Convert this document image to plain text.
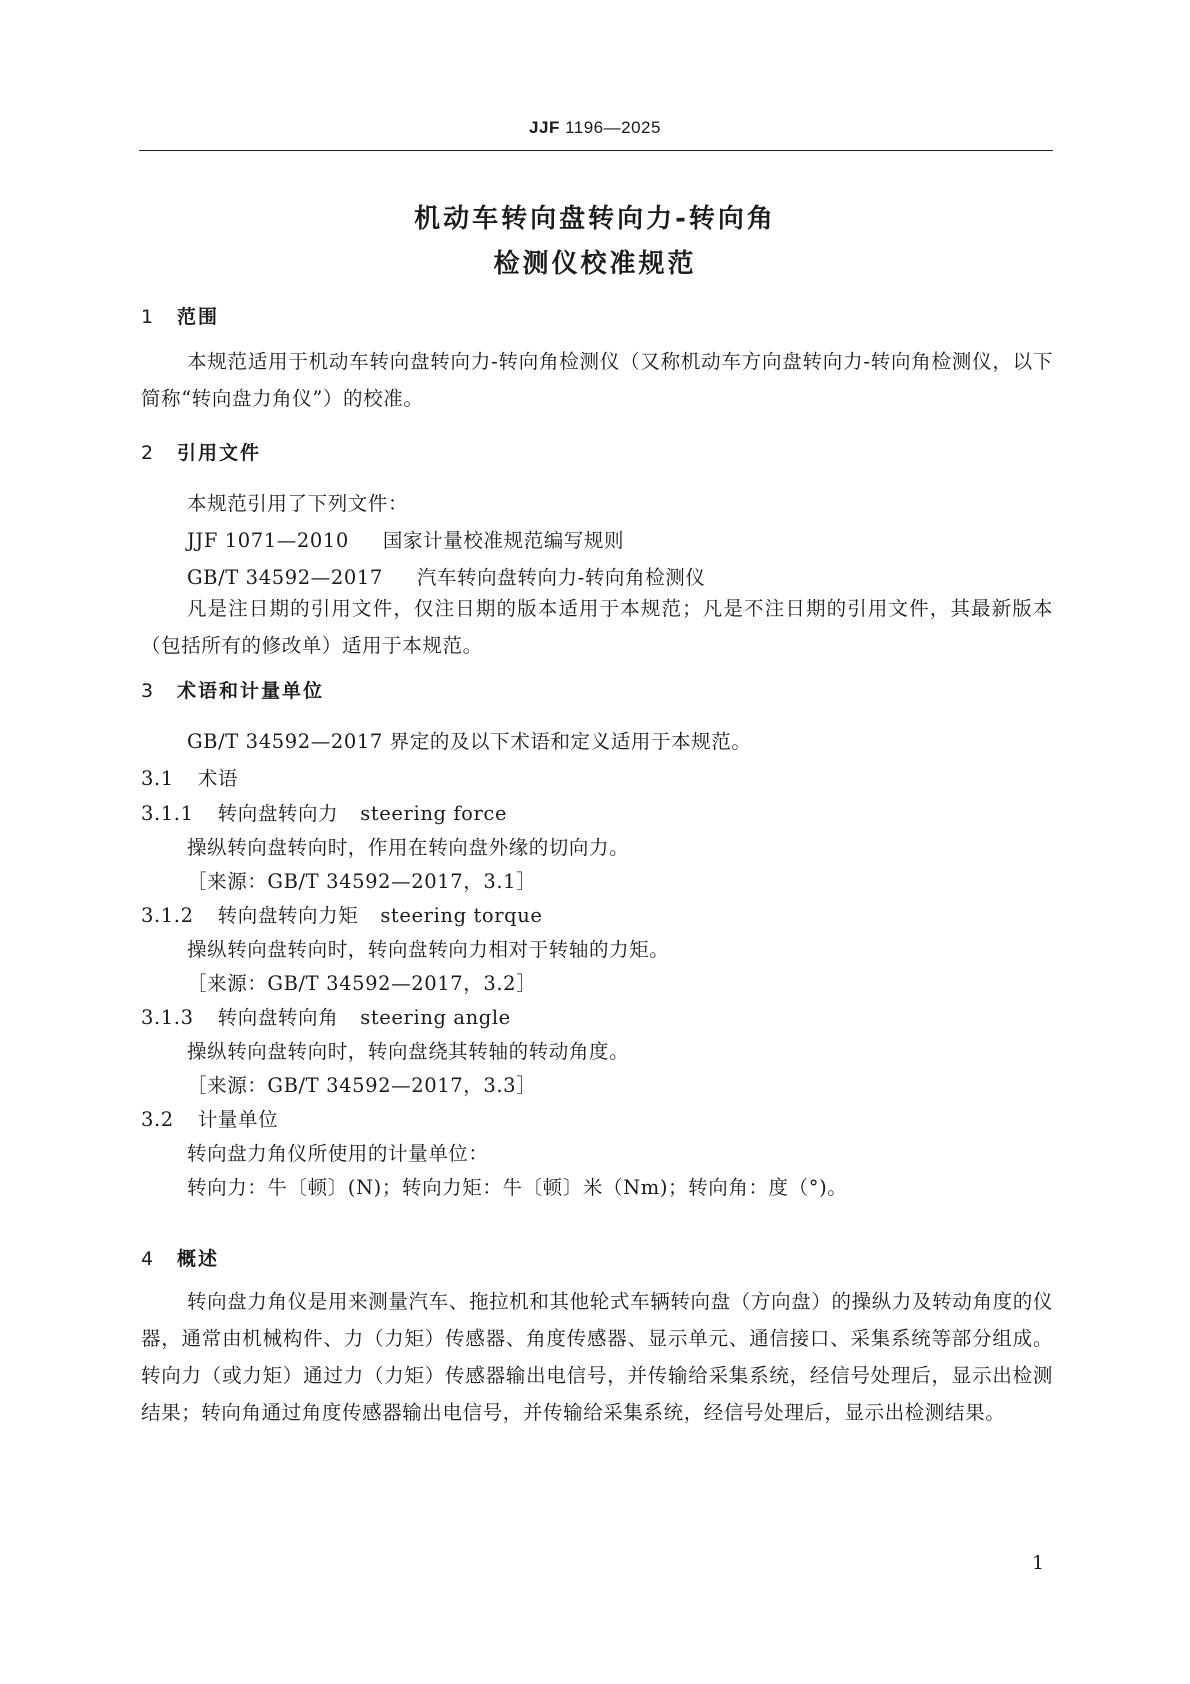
JJF 1196—2025
机动车转向盘转向力-转向角
检测仪校准规范
1 范围
本规范适用于机动车转向盘转向力-转向角检测仪（又称机动车方向盘转向力-转向角检测仪，以下简称“转向盘力角仪”）的校准。
2 引用文件
本规范引用了下列文件：
JJF 1071—2010 国家计量校准规范编写规则
GB/T 34592—2017 汽车转向盘转向力-转向角检测仪
凡是注日期的引用文件，仅注日期的版本适用于本规范；凡是不注日期的引用文件，其最新版本（包括所有的修改单）适用于本规范。
3 术语和计量单位
GB/T 34592—2017 界定的及以下术语和定义适用于本规范。
3.1 术语
3.1.1 转向盘转向力 steering force
操纵转向盘转向时，作用在转向盘外缘的切向力。
［来源：GB/T 34592—2017，3.1］
3.1.2 转向盘转向力矩 steering torque
操纵转向盘转向时，转向盘转向力相对于转轴的力矩。
［来源：GB/T 34592—2017，3.2］
3.1.3 转向盘转向角 steering angle
操纵转向盘转向时，转向盘绕其转轴的转动角度。
［来源：GB/T 34592—2017，3.3］
3.2 计量单位
转向盘力角仪所使用的计量单位：
转向力：牛〔顿〕(N)；转向力矩：牛〔顿〕米（Nm)；转向角：度（°)。
4 概述
转向盘力角仪是用来测量汽车、拖拉机和其他轮式车辆转向盘（方向盘）的操纵力及转动角度的仪器，通常由机械构件、力（力矩）传感器、角度传感器、显示单元、通信接口、采集系统等部分组成。转向力（或力矩）通过力（力矩）传感器输出电信号，并传输给采集系统，经信号处理后，显示出检测结果；转向角通过角度传感器输出电信号，并传输给采集系统，经信号处理后，显示出检测结果。
1
